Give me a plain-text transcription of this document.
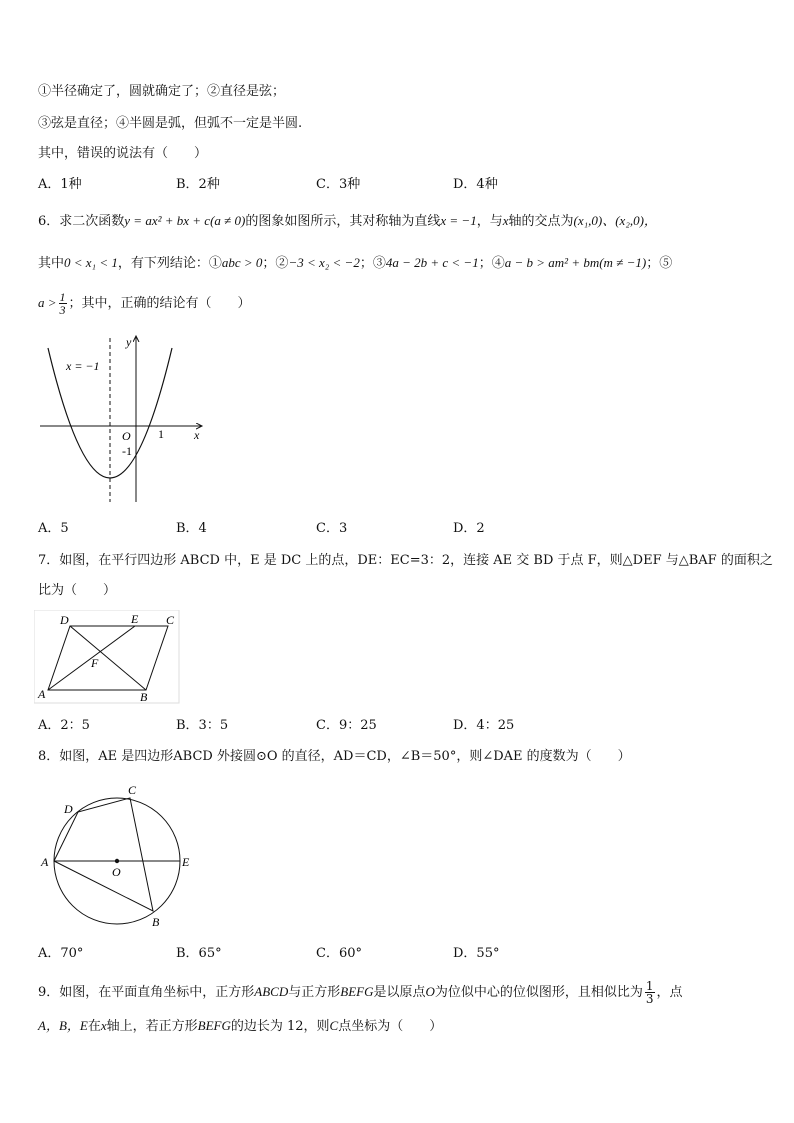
①半径确定了，圆就确定了；②直径是弦；
③弦是直径；④半圆是弧，但弧不一定是半圆.
其中，错误的说法有（　　）
A．1种	B．2种	C．3种	D．4种
6．求二次函数y = ax² + bx + c(a ≠ 0)的图象如图所示，其对称轴为直线x = −1，与x轴的交点为(x₁,0)、(x₂,0)，
其中0 < x₁ < 1，有下列结论：①abc > 0；②−3 < x₂ < −2；③4a − 2b + c < −1；④a − b > am² + bm(m ≠ −1)；⑤
$a > \frac{1}{3}$ ；其中，正确的结论有（　　）
x = −1
y
x
O 1
-1
A．5	B．4	C．3	D．2
7．如图，在平行四边形 ABCD 中，E 是 DC 上的点，DE：EC=3：2，连接 AE 交 BD 于点 F，则△DEF 与△BAF 的面积之
比为（　　）
D	E C
F
A	B
A．2：5	B．3：5	C．9：25	D．4：25
8．如图，AE 是四边形ABCD 外接圆⊙O 的直径，AD＝CD，∠B＝50°，则∠DAE 的度数为（　　）
D
C
A
O
E
B
A．70°	B．65°	C．60°	D．55°
9．如图，在平面直角坐标中，正方形ABCD与正方形BEFG是以原点O为位似中心的位似图形，且相似比为 $\frac{1}{3}$ ，点
A，B，E在x轴上，若正方形BEFG的边长为 12，则C点坐标为（　　）
